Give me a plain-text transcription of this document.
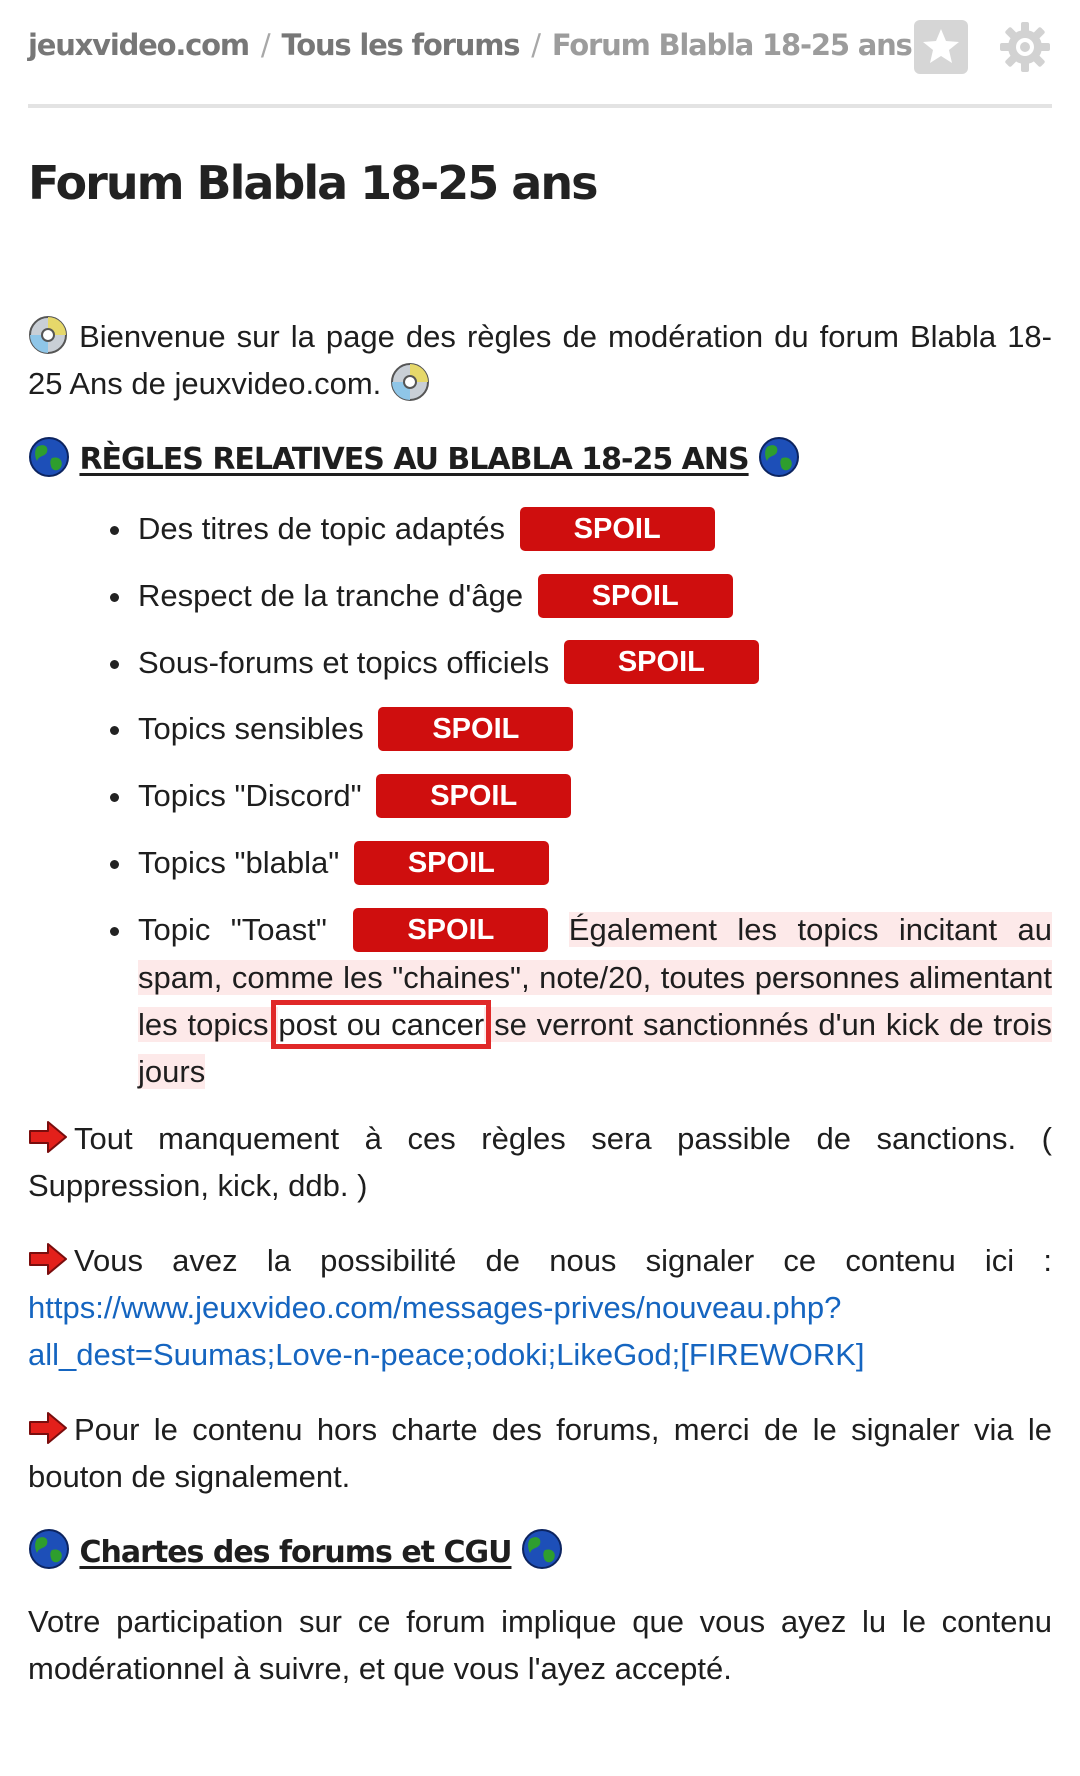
jeuxvideo.com / Tous les forums / Forum Blabla 18-25 ans
Forum Blabla 18-25 ans

Bienvenue sur la page des règles de modération du forum Blabla 18-25 Ans de jeuxvideo.com.

RÈGLES RELATIVES AU BLABLA 18-25 ANS
Des titres de topic adaptés SPOIL
Respect de la tranche d'âge SPOIL
Sous-forums et topics officiels SPOIL
Topics sensibles SPOIL
Topics "Discord" SPOIL
Topics "blabla" SPOIL
Topic "Toast"	SPOIL Également les topics incitant au spam, comme les "chaines", note/20, toutes personnes alimentant les topics post ou cancer se verront sanctionnés d'un kick de trois jours

Tout manquement à ces règles sera passible de sanctions. ( Suppression, kick, ddb. )

Vous avez la possibilité de nous signaler ce contenu ici : https://www.jeuxvideo.com/messages-prives/nouveau.php?all_dest=Suumas;Love-n-peace;odoki;LikeGod;[FIREWORK]

Pour le contenu hors charte des forums, merci de le signaler via le bouton de signalement.

Chartes des forums et CGU

Votre participation sur ce forum implique que vous ayez lu le contenu modérationnel à suivre, et que vous l'ayez accepté.
